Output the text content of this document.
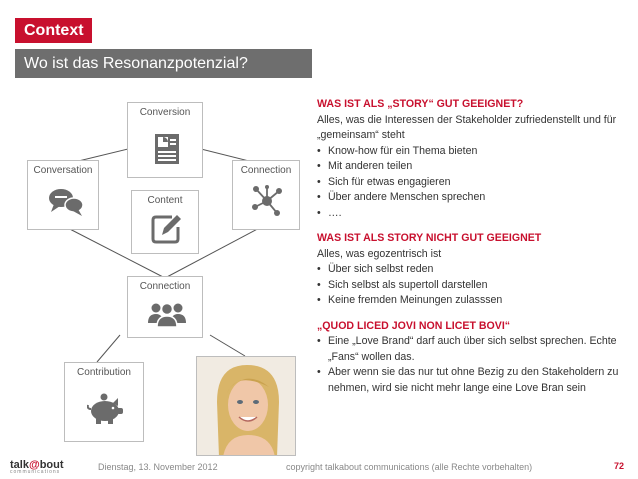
Context
Wo ist das Resonanzpotenzial?
Conversion
Conversation	Connection
Content
Connection
Contribution

WAS IST ALS „STORY“ GUT GEEIGNET?

Alles, was die Interessen der Stakeholder zufriedenstellt und für „gemeinsam“ steht

• Know-how für ein Thema bieten
• Mit anderen teilen
• Sich für etwas engagieren
• Über andere Menschen sprechen
• ….

WAS IST ALS STORY NICHT GUT GEEIGNET

Alles, was egozentrisch ist

• Über sich selbst reden
• Sich selbst als supertoll darstellen
• Keine fremden Meinungen zulasssen

„QUOD LICED JOVI NON LICET BOVI“

• Eine „Love Brand“ darf auch über sich selbst sprechen. Echte „Fans“ wollen das.
• Aber wenn sie das nur tut ohne Bezig zu den Stakeholdern zu nehmen, wird sie nicht mehr lange eine Love Bran sein
talk@bout
communications	Dienstag, 13. November 2012	copyright talkabout communications (alle Rechte vorbehalten)	72
